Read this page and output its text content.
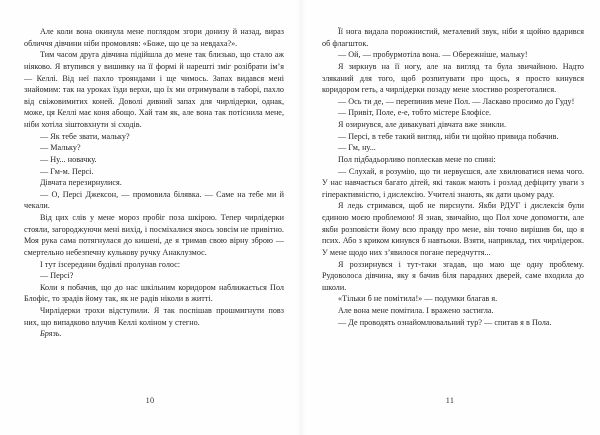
Але коли вона окинула мене поглядом згори донизу й назад, вираз обличчя дівчини ніби промовляв: «Боже, що це за невдаха?».

Тим часом друга дівчина підійшла до мене так близько, що стало аж ніяково. Я втупився у вишивку на її формі й нарешті зміг розібрати ім’я — Келлі. Від неї пахло трояндами і ще чимось. Запах видався мені знайомим: так на уроках їзди верхи, що їх ми отримували в таборі, пахло від свіжовимитих коней. Доволі дивний запах для чирлідерки, однак, може, ця Келлі має коня абощо. Хай там як, але вона так потіснила мене, ніби хотіла зіштовхнути зі сходів.

— Як тебе звати, мальку?

— Мальку?

— Ну... новачку.

— Гм-м. Персі.

Дівчата перезирнулися.

— О, Персі Джексон, — промовила білявка. — Саме на тебе ми й чекали.

Від цих слів у мене мороз пробіг поза шкірою. Тепер чирлідерки стояли, загороджуючи мені вихід, і посміхалися якось зовсім не привітно. Моя рука сама потягнулася до кишені, де я тримав свою вірну зброю — смертельно небезпечну кулькову ручку Анаклузмос.

І тут ізсередини будівлі пролунав голос:

— Персі?

Коли я побачив, що до нас шкільним коридором наближається Пол Блофіс, то зрадів йому так, як не радів ніколи в житті.

Чирлідерки трохи відступили. Я так поспішав прошмигнути повз них, що випадково влучив Келлі коліном у стегно.

Брязь.

10

Її нога видала порожнистий, металевий звук, ніби я щойно вдарився об флагшток.

— Ой, — пробурмотіла вона. — Обережніше, мальку!

Я зиркнув на її ногу, але на вигляд та була звичайною. Надто зляканий для того, щоб розпитувати про щось, я просто кинувся коридором геть, а чирлідерки позаду мене злостиво розреготалися.

— Ось ти де, — перепинив мене Пол. — Ласкаво просимо до Гуду!

— Привіт, Поле, е-е, тобто містере Блофісе.

Я озирнувся, але дивакуваті дівчата вже зникли.

— Персі, в тебе такий вигляд, ніби ти щойно привида побачив.

— Гм, ну...

Пол підбадьорливо поплескав мене по спині:

— Слухай, я розумію, що ти нервуєшся, але хвилюватися нема чого. У нас навчається багато дітей, які також мають і розлад дефіциту уваги з гіперактивністю, і дислексію. Учителі знають, як дати цьому раду.

Я ледь стримався, щоб не пирснути. Якби РДУГ і дислексія були єдиною моєю проблемою! Я знав, звичайно, що Пол хоче допомогти, але якби розповісти йому всю правду про мене, він точно вирішив би, що я псих. Або з криком кинувся б навтьоки. Взяти, наприклад, тих чирлідерок. У мене щодо них з’явилося погане передчуття...

Я роззирнувся і тут-таки згадав, що маю ще одну проблему. Рудоволоса дівчина, яку я бачив біля парадних дверей, саме входила до школи.

«Тільки б не помітила!» — подумки благав я.

Але вона мене помітила. І вражено застигла.

— Де проводять ознайомлювальний тур? — спитав я в Пола.

11
